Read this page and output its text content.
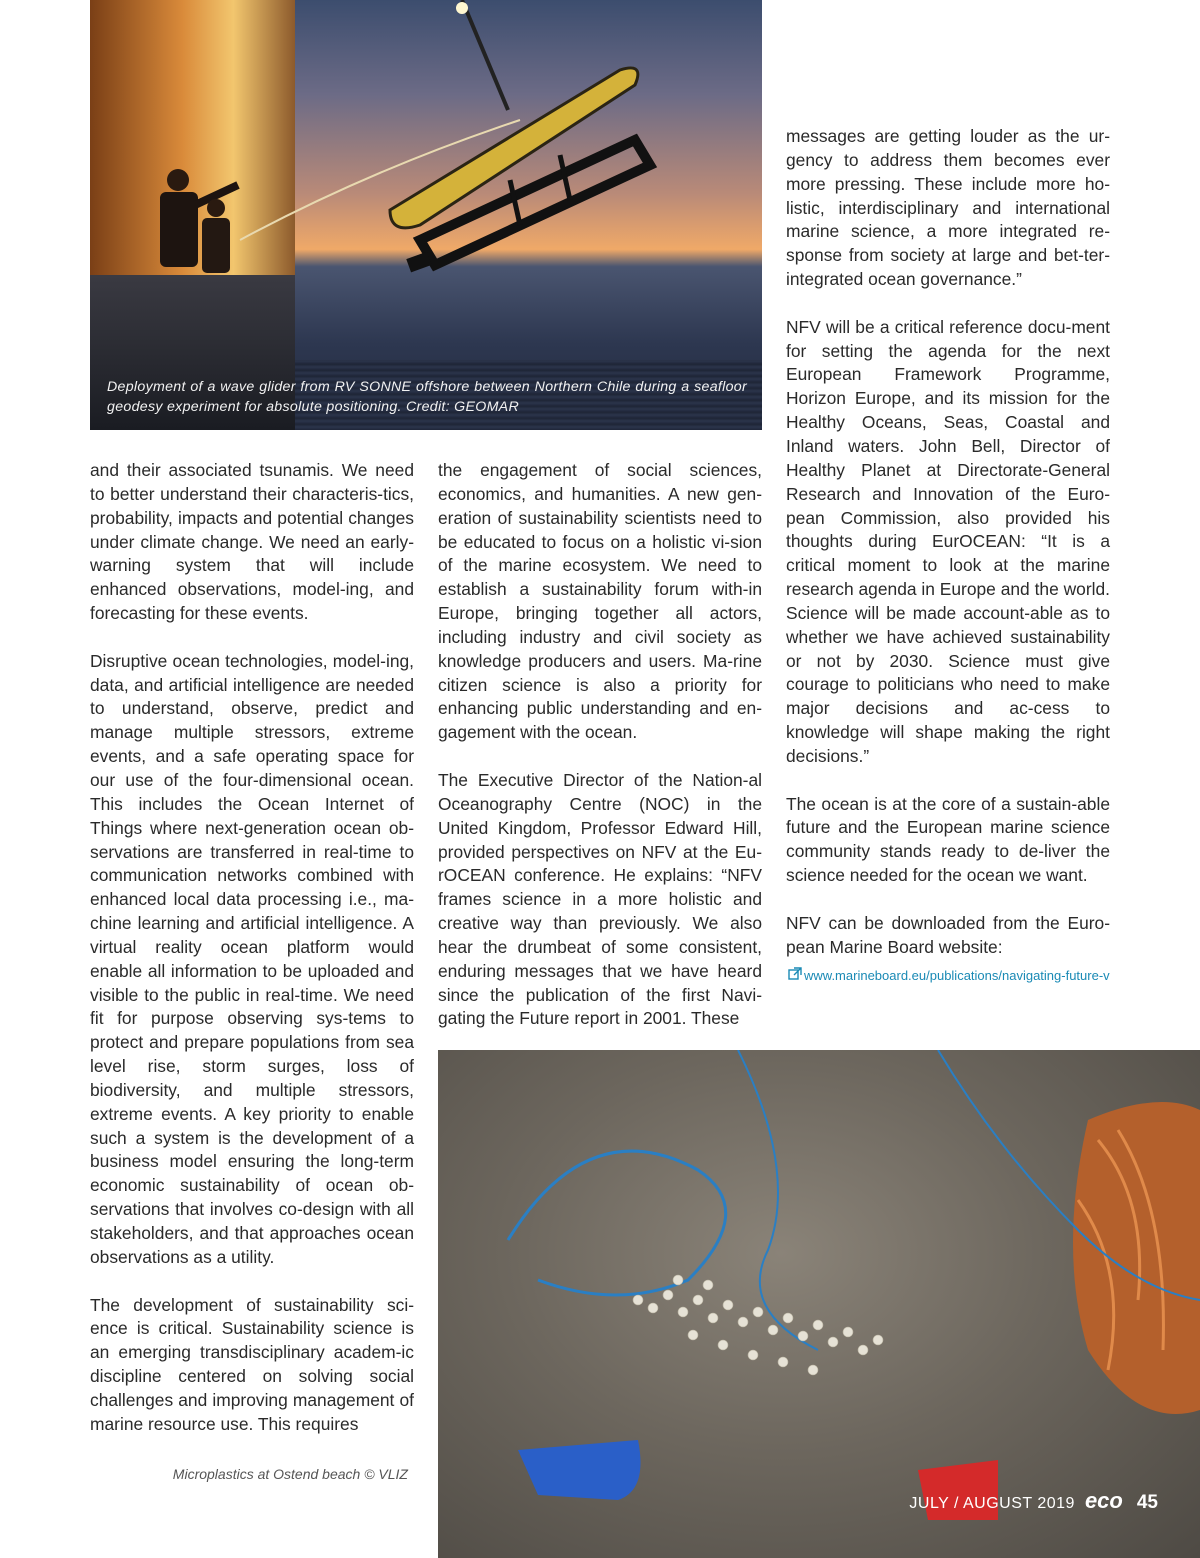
Deployment of a wave glider from RV SONNE offshore between Northern Chile during a seafloor geodesy experiment for absolute positioning. Credit: GEOMAR

and their associated tsunamis. We need to better understand their characteris-tics, probability, impacts and potential changes under climate change. We need an early-warning system that will include enhanced observations, model-ing, and forecasting for these events.

Disruptive ocean technologies, model-ing, data, and artificial intelligence are needed to understand, observe, predict and manage multiple stressors, extreme events, and a safe operating space for our use of the four-dimensional ocean. This includes the Ocean Internet of Things where next-generation ocean ob-servations are transferred in real-time to communication networks combined with enhanced local data processing i.e., ma-chine learning and artificial intelligence. A virtual reality ocean platform would enable all information to be uploaded and visible to the public in real-time. We need fit for purpose observing sys-tems to protect and prepare populations from sea level rise, storm surges, loss of biodiversity, and multiple stressors, extreme events. A key priority to enable such a system is the development of a business model ensuring the long-term economic sustainability of ocean ob-servations that involves co-design with all stakeholders, and that approaches ocean observations as a utility.

The development of sustainability sci-ence is critical. Sustainability science is an emerging transdisciplinary academ-ic discipline centered on solving social challenges and improving management of marine resource use. This requires

the engagement of social sciences, economics, and humanities. A new gen-eration of sustainability scientists need to be educated to focus on a holistic vi-sion of the marine ecosystem. We need to establish a sustainability forum with-in Europe, bringing together all actors, including industry and civil society as knowledge producers and users. Ma-rine citizen science is also a priority for enhancing public understanding and en-gagement with the ocean.

The Executive Director of the Nation-al Oceanography Centre (NOC) in the United Kingdom, Professor Edward Hill, provided perspectives on NFV at the Eu-rOCEAN conference. He explains: “NFV frames science in a more holistic and creative way than previously. We also hear the drumbeat of some consistent, enduring messages that we have heard since the publication of the first Navi-gating the Future report in 2001. These

messages are getting louder as the ur-gency to address them becomes ever more pressing. These include more ho-listic, interdisciplinary and international marine science, a more integrated re-sponse from society at large and bet-ter-integrated ocean governance.”

NFV will be a critical reference docu-ment for setting the agenda for the next European Framework Programme, Horizon Europe, and its mission for the Healthy Oceans, Seas, Coastal and Inland waters. John Bell, Director of Healthy Planet at Directorate-General Research and Innovation of the Euro-pean Commission, also provided his thoughts during EurOCEAN: “It is a critical moment to look at the marine research agenda in Europe and the world. Science will be made account-able as to whether we have achieved sustainability or not by 2030. Science must give courage to politicians who need to make major decisions and ac-cess to knowledge will shape making the right decisions.”

The ocean is at the core of a sustain-able future and the European marine science community stands ready to de-liver the science needed for the ocean we want.

NFV can be downloaded from the Euro-pean Marine Board website:

www.marineboard.eu/publications/navigating-future-v
Microplastics at Ostend beach © VLIZ
JULY / AUGUST 2019 eco 45
